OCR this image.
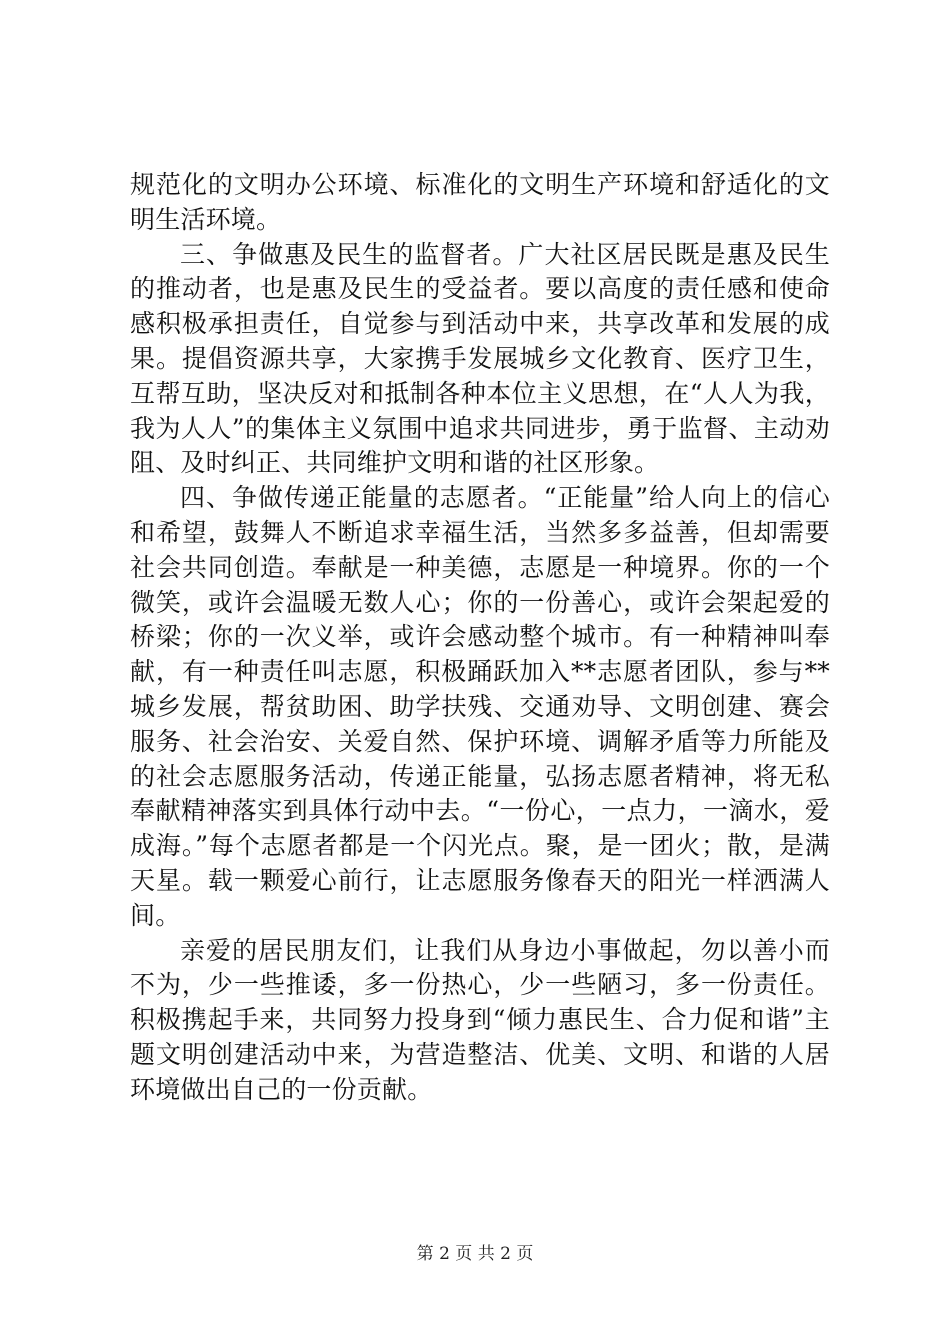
规范化的文明办公环境、标准化的文明生产环境和舒适化的文明生活环境。

三、争做惠及民生的监督者。广大社区居民既是惠及民生的推动者，也是惠及民生的受益者。要以高度的责任感和使命感积极承担责任，自觉参与到活动中来，共享改革和发展的成果。提倡资源共享，大家携手发展城乡文化教育、医疗卫生，互帮互助，坚决反对和抵制各种本位主义思想，在“人人为我，我为人人”的集体主义氛围中追求共同进步，勇于监督、主动劝阻、及时纠正、共同维护文明和谐的社区形象。

四、争做传递正能量的志愿者。“正能量”给人向上的信心和希望，鼓舞人不断追求幸福生活，当然多多益善，但却需要社会共同创造。奉献是一种美德，志愿是一种境界。你的一个微笑，或许会温暖无数人心；你的一份善心，或许会架起爱的桥梁；你的一次义举，或许会感动整个城市。有一种精神叫奉献，有一种责任叫志愿，积极踊跃加入**志愿者团队，参与**城乡发展，帮贫助困、助学扶残、交通劝导、文明创建、赛会服务、社会治安、关爱自然、保护环境、调解矛盾等力所能及的社会志愿服务活动，传递正能量，弘扬志愿者精神，将无私奉献精神落实到具体行动中去。“一份心，一点力，一滴水，爱成海。”每个志愿者都是一个闪光点。聚，是一团火；散，是满天星。载一颗爱心前行，让志愿服务像春天的阳光一样洒满人间。

亲爱的居民朋友们，让我们从身边小事做起，勿以善小而不为，少一些推诿，多一份热心，少一些陋习，多一份责任。积极携起手来，共同努力投身到“倾力惠民生、合力促和谐”主题文明创建活动中来，为营造整洁、优美、文明、和谐的人居环境做出自己的一份贡献。

第 2 页 共 2 页
